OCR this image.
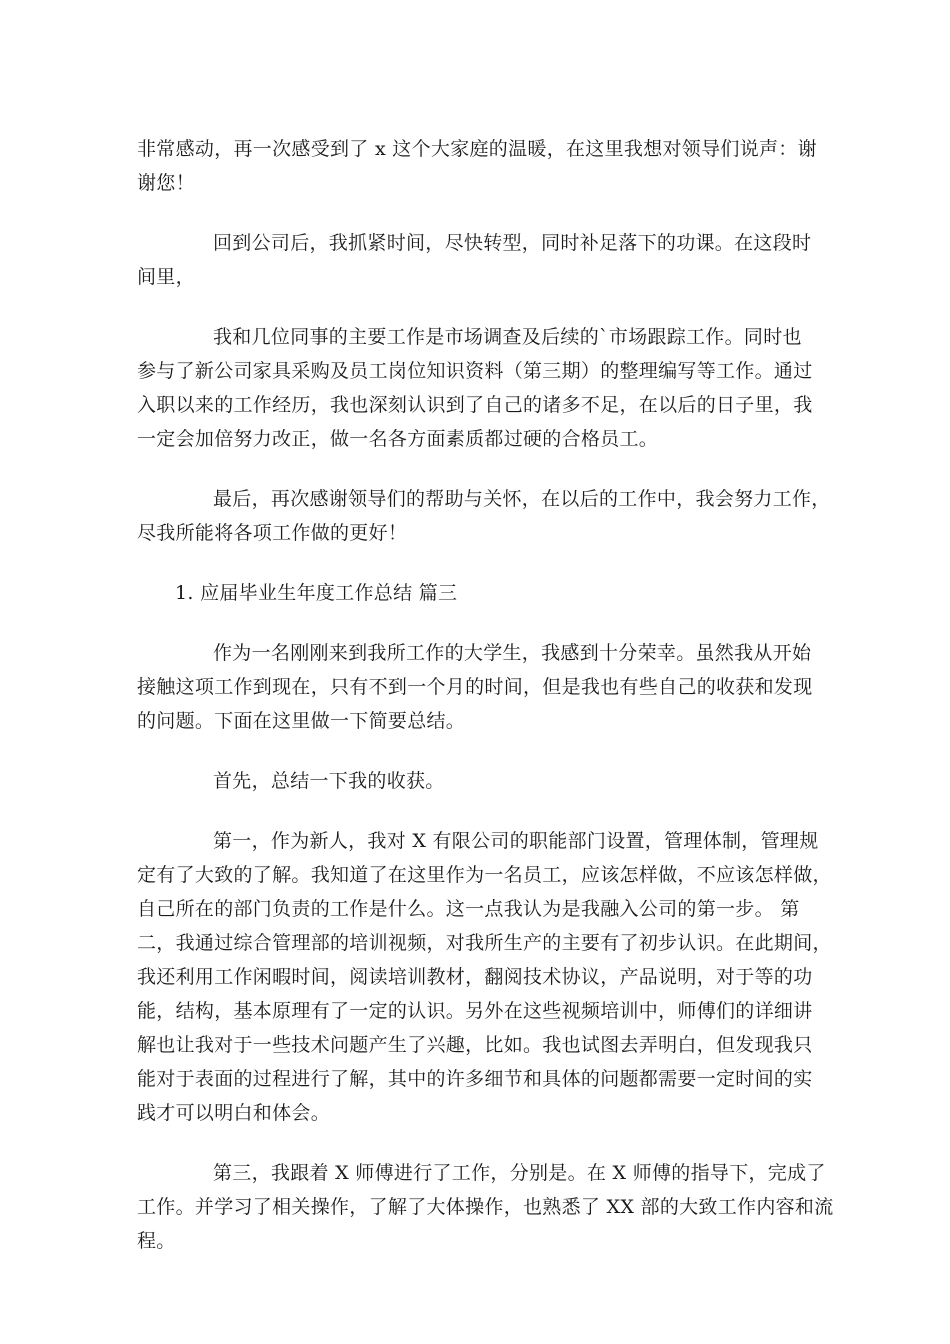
非常感动，再一次感受到了 x 这个大家庭的温暖，在这里我想对领导们说声：谢
谢您！
回到公司后，我抓紧时间，尽快转型，同时补足落下的功课。在这段时
间里，
我和几位同事的主要工作是市场调查及后续的`市场跟踪工作。同时也
参与了新公司家具采购及员工岗位知识资料（第三期）的整理编写等工作。通过
入职以来的工作经历，我也深刻认识到了自己的诸多不足，在以后的日子里，我
一定会加倍努力改正，做一名各方面素质都过硬的合格员工。
最后，再次感谢领导们的帮助与关怀，在以后的工作中，我会努力工作，
尽我所能将各项工作做的更好！
1. 应届毕业生年度工作总结 篇三
作为一名刚刚来到我所工作的大学生，我感到十分荣幸。虽然我从开始
接触这项工作到现在，只有不到一个月的时间，但是我也有些自己的收获和发现
的问题。下面在这里做一下简要总结。
首先，总结一下我的收获。
第一，作为新人，我对 X 有限公司的职能部门设置，管理体制，管理规
定有了大致的了解。我知道了在这里作为一名员工，应该怎样做，不应该怎样做，
自己所在的部门负责的工作是什么。这一点我认为是我融入公司的第一步。 第
二，我通过综合管理部的培训视频，对我所生产的主要有了初步认识。在此期间，
我还利用工作闲暇时间，阅读培训教材，翻阅技术协议，产品说明，对于等的功
能，结构，基本原理有了一定的认识。另外在这些视频培训中，师傅们的详细讲
解也让我对于一些技术问题产生了兴趣，比如。我也试图去弄明白，但发现我只
能对于表面的过程进行了解，其中的许多细节和具体的问题都需要一定时间的实
践才可以明白和体会。
第三，我跟着 X 师傅进行了工作，分别是。在 X 师傅的指导下，完成了
工作。并学习了相关操作，了解了大体操作，也熟悉了 XX 部的大致工作内容和流
程。
